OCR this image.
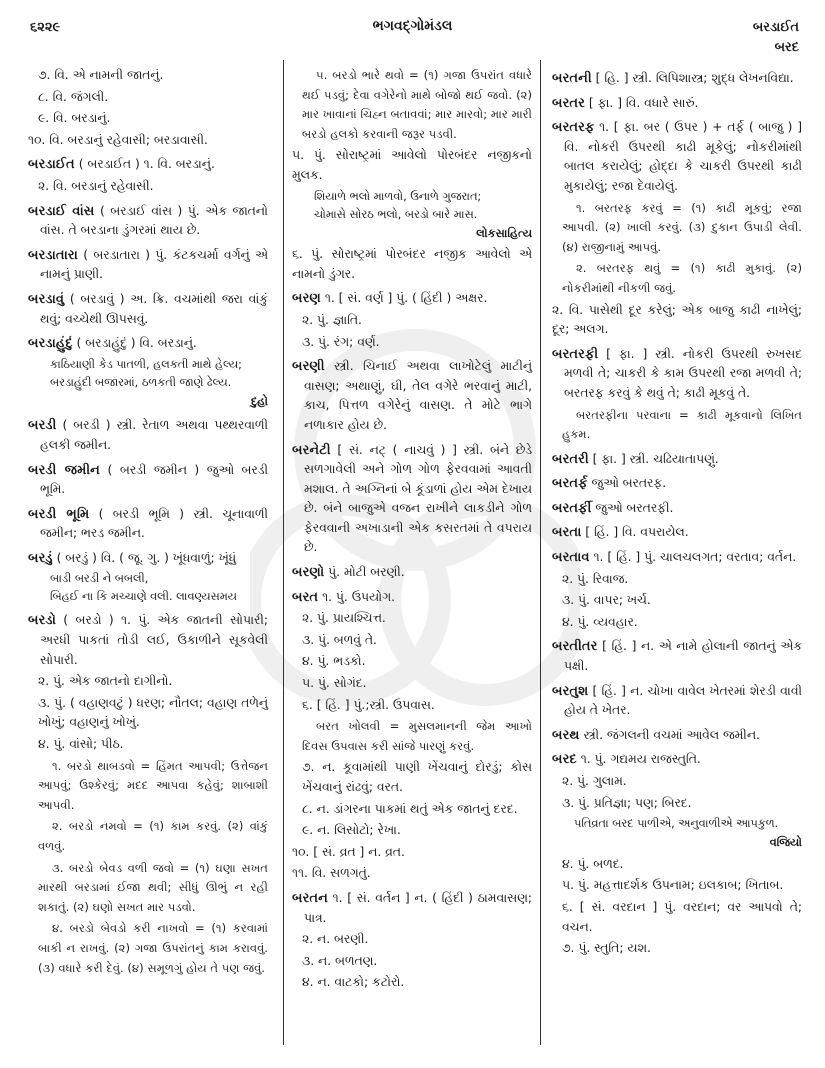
૬૨૨૯	ભગવદ્ગોમંડલ	બરડાઈત
બરદ
૭. વિ. એ નામની જાતનું.
૮. વિ. જંગલી.
૯. વિ. બરડાનું.
૧૦. વિ. બરડાનું રહેવાસી; બરડાવાસી.
બરડાઈત ( બરડાઈત ) ૧. વિ. બરડાનું.
૨. વિ. બરડાનું રહેવાસી.
બરડાઈ વાંસ ( બરડાઈ વાંસ ) પું. એક જાતનો વાંસ. તે બરડાના ડુંગરમાં થાય છે.
બરડાતારા ( બરડાતારા ) પું. કંટકચર્મા વર્ગનું એ નામનું પ્રાણી.
બરડાવું ( બરડાવું ) અ. ક્રિ. વચમાંથી જરા વાંકું થવું; વચ્ચેથી ઊપસવું.
બરડાહુંદું ( બરડાહુંદું ) વિ. બરડાનું.
કાઠિયાણી કેડ પાતળી, હલકતી માથે હેલ્ય;
બરડાહુંદી બજારમાં, ઠળકતી જાણે ઢેલ્ય.
દુહો
બરડી ( બરડી ) સ્ત્રી. રેતાળ અથવા પથ્થરવાળી હલકી જમીન.
બરડી જમીન ( બરડી જમીન ) જુઓ બરડી ભૂમિ.
બરડી ભૂમિ ( બરડી ભૂમિ ) સ્ત્રી. ચૂનાવાળી જમીન; ભરડ જમીન.
બરડું ( બરડું ) વિ. ( જૂ. ગુ. ) ખૂંધવાળું; ખૂંધું
બાડી બરડી ને બબલી,
બિહઈ ના કિ મચ્ચાણે વલી. લાવણ્યસમય
બરડો ( બરડો ) ૧. પું. એક જાતની સોપારી; અરધી પાકતાં તોડી લઈ, ઉકાળીને સૂકવેલી સોપારી.
૨. પું. એક જાતનો દાગીનો.
૩. પું. ( વહાણવટું ) ધરણ; નૌતલ; વહાણ તળેનું ખોખું; વહાણનું ખોખું.
૪. પું. વાંસો; પીઠ.
૧. બરડો થાબડવો = હિંમત આપવી; ઉત્તેજન આપવું; ઉશ્કેરવું; મદદ આપવા કહેવું; શાબાશી આપવી.
૨. બરડો નમવો = (૧) કામ કરવું. (૨) વાંકું વળવું.
૩. બરડો બેવડ વળી જવો = (૧) ઘણા સખત મારથી બરડામાં ઈજા થવી; સીધું ઊભું ન રહી શકાતું. (૨) ઘણો સખત માર પડવો.
૪. બરડો બેવડો કરી નાખવો = (૧) કરવામાં બાકી ન રાખવું. (૨) ગજા ઉપરાંતનું કામ કરાવવું. (૩) વધારે કરી દેવું. (૪) સમૂળગું હોય તે પણ જવું.
૫. બરડો ભારે થવો = (૧) ગજા ઉપરાંત વધારે થઈ પડવું; દેવા વગેરેનો માથે બોજો થઈ જવો. (૨) માર ખાવાનાં ચિહ્ન બતાવવાં; માર મારવો; માર મારી બરડો હલકો કરવાની જરૂર પડવી.
૫. પું. સોરાષ્ટ્રમાં આવેલો પોરબંદર નજીકનો મુલક.
શિયાળે ભલો માળવો, ઉનાળે ગુજરાત;
ચોમાસે સોરઠ ભલો, બરડો બારે માસ.
લોકસાહિત્ય
૬. પું. સોરાષ્ટ્રમાં પોરબંદર નજીક આવેલો એ નામનો ડુંગર.
બરણ ૧. [ સં. વર્ણ ] પું. ( હિંદી ) અક્ષર.
૨. પું. જ્ઞાતિ.
૩. પું. રંગ; વર્ણ.
બરણી સ્ત્રી. ચિનાઈ અથવા લાખોટેલું માટીનું વાસણ; અથાણું, ઘી, તેલ વગેરે ભરવાનું માટી, કાચ, પિત્તળ વગેરેનું વાસણ. તે મોટે ભાગે નળાકાર હોય છે.
બરનેટી [ સં. નટ્ ( નાચવું ) ] સ્ત્રી. બંને છેડે સળગાવેલી અને ગોળ ગોળ ફેરવવામાં આવતી મશાલ. તે અગ્નિનાં બે કૂંડાળાં હોય એમ દેખાય છે. બંને બાજુએ વજન રાખીને લાકડીને ગોળ ફેરવવાની અખાડાની એક કસરતમાં તે વપરાય છે.
બરણો પું. મોટી બરણી.
બરત ૧. પું. ઉપયોગ.
૨. પું. પ્રાયશ્ચિત્ત.
૩. પું. બળવું તે.
૪. પું. ભડકો.
૫. પું. સોગંદ.
૬. [ હિં. ] પું.;સ્ત્રી. ઉપવાસ.
બરત ખોલવી = મુસલમાનની જેમ આખો દિવસ ઉપવાસ કરી સાંજે પારણું કરવું.
૭. ન. કૂવામાંથી પાણી ખેંચવાનું દોરડું; કોસ ખેંચવાનું રાંઢવું; વરત.
૮. ન. ડાંગરના પાકમાં થતું એક જાતનું દરદ.
૯. ન. લિસોટો; રેખા.
૧૦. [ સં. વ્રત ] ન. વ્રત.
૧૧. વિ. સળગતું.
બરતન ૧. [ સં. વર્તન ] ન. ( હિંદી ) ઠામવાસણ; પાત્ર.
૨. ન. બરણી.
૩. ન. બળતણ.
૪. ન. વાટકો; કટોરો.
બરતની [ હિ. ] સ્ત્રી. લિપિશાસ્ત્ર; શુદ્ધ લેખનવિદ્યા.
બરતર [ ફા. ] વિ. વધારે સારું.
બરતરફ ૧. [ ફા. બર ( ઉપર ) + તર્ફ ( બાજુ ) ] વિ. નોકરી ઉપરથી કાઢી મૂકેલું; નોકરીમાંથી બાતલ કરાયેલું; હોદ્દા કે ચાકરી ઉપરથી કાઢી મુકાયેલું; રજા દેવાયેલું.
૧. બરતરફ કરવું = (૧) કાઢી મૂકવું; રજા આપવી. (૨) ખાલી કરવું. (૩) દુકાન ઉપાડી લેવી. (૪) રાજીનામું આપવું.
૨. બરતરફ થવું = (૧) કાઢી મુકાવું. (૨) નોકરીમાંથી નીકળી જવું.
૨. વિ. પાસેથી દૂર કરેલું; એક બાજુ કાઢી નાખેલું; દૂર; અલગ.
બરતરફી [ ફા. ] સ્ત્રી. નોકરી ઉપરથી રુખસદ મળવી તે; ચાકરી કે કામ ઉપરથી રજા મળવી તે; બરતરફ કરવું કે થવું તે; કાઢી મૂકવું તે.
બરતરફીના પરવાના = કાઢી મૂકવાનો લિખિત હુકમ.
બરતરી [ ફા. ] સ્ત્રી. ચઢિયાતાપણું.
બરતર્ફ જુઓ બરતરફ.
બરતર્ફી જુઓ બરતરફી.
બરતા [ હિં. ] વિ. વપરાયેલ.
બરતાવ ૧. [ હિં. ] પું. ચાલચલગત; વરતાવ; વર્તન.
૨. પું. રિવાજ.
૩. પું. વાપર; ખર્ચ.
૪. પું. વ્યવહાર.
બરતીતર [ હિં. ] ન. એ નામે હોલાની જાતનું એક પક્ષી.
બરતુશ [ હિં. ] ન. ચોખા વાવેલ ખેતરમાં શેરડી વાવી હોય તે ખેતર.
બરથ સ્ત્રી. જંગલની વચમાં આવેલ જમીન.
બરદ ૧. પું. ગદ્યમય રાજસ્તુતિ.
૨. પું. ગુલામ.
૩. પું. પ્રતિજ્ઞા; પણ; બિરદ.
પતિવ્રતા બરદ પાળીએ, અનુવાળીએ આપકુળ.
વજિયો
૪. પું. બળદ.
૫. પું. મહત્તાદર્શક ઉપનામ; ઇલકાબ; ખિતાબ.
૬. [ સં. વરદાન ] પું. વરદાન; વર આપવો તે; વચન.
૭. પું. સ્તુતિ; યશ.
